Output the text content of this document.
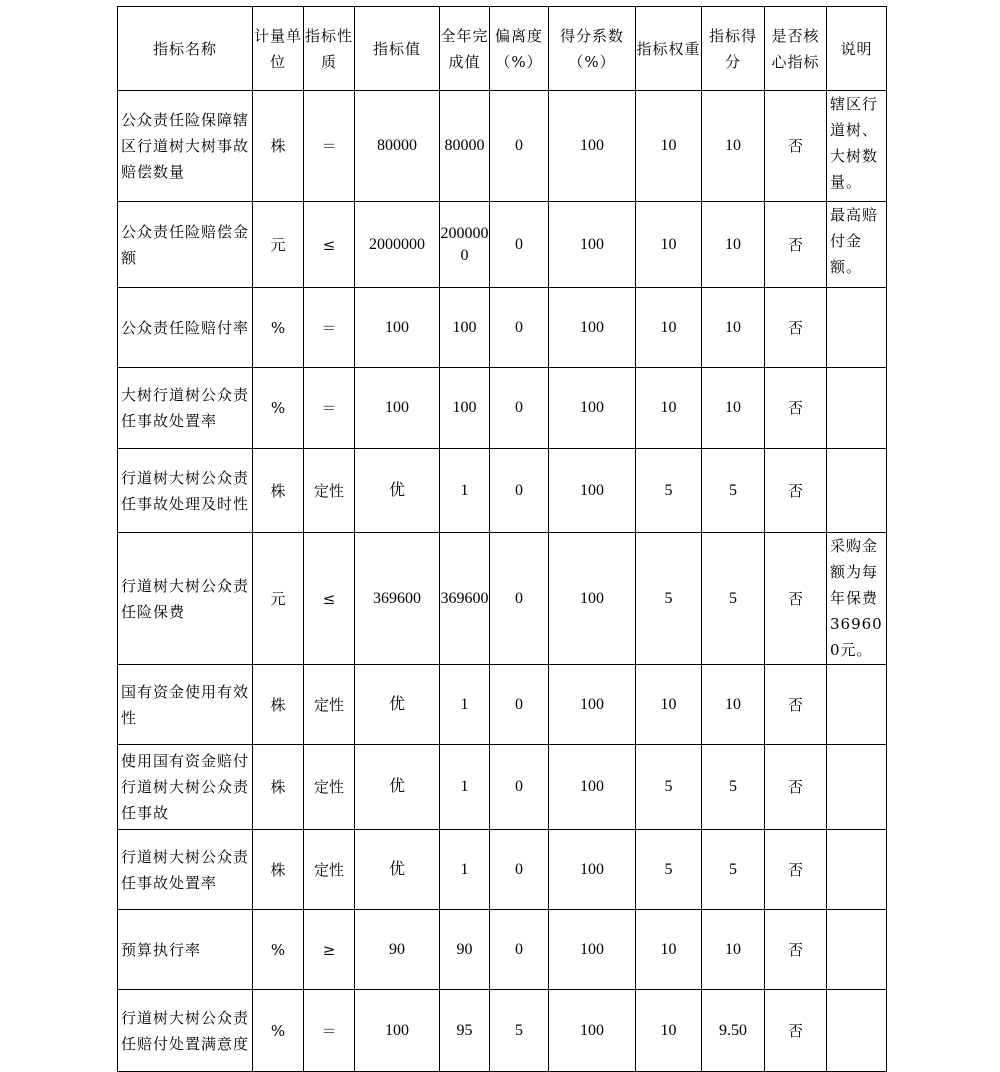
指标名称	计量单位	指标性质	指标值	全年完成值	偏离度（%）	得分系数（%）	指标权重	指标得分	是否核心指标	说明
公众责任险保障辖区行道树大树事故赔偿数量	株	＝	80000	80000	0	100	10	10	否	辖区行道树、大树数量。
公众责任险赔偿金额	元	≤	2000000	2000000	0	100	10	10	否	最高赔付金额。
公众责任险赔付率	%	＝	100	100	0	100	10	10	否	
大树行道树公众责任事故处置率	%	＝	100	100	0	100	10	10	否	
行道树大树公众责任事故处理及时性	株	定性	优	1	0	100	5	5	否	
行道树大树公众责任险保费	元	≤	369600	369600	0	100	5	5	否	采购金额为每年保费369600元。
国有资金使用有效性	株	定性	优	1	0	100	10	10	否	
使用国有资金赔付行道树大树公众责任事故	株	定性	优	1	0	100	5	5	否	
行道树大树公众责任事故处置率	株	定性	优	1	0	100	5	5	否	
预算执行率	%	≥	90	90	0	100	10	10	否	
行道树大树公众责任赔付处置满意度	%	＝	100	95	5	100	10	9.50	否	
